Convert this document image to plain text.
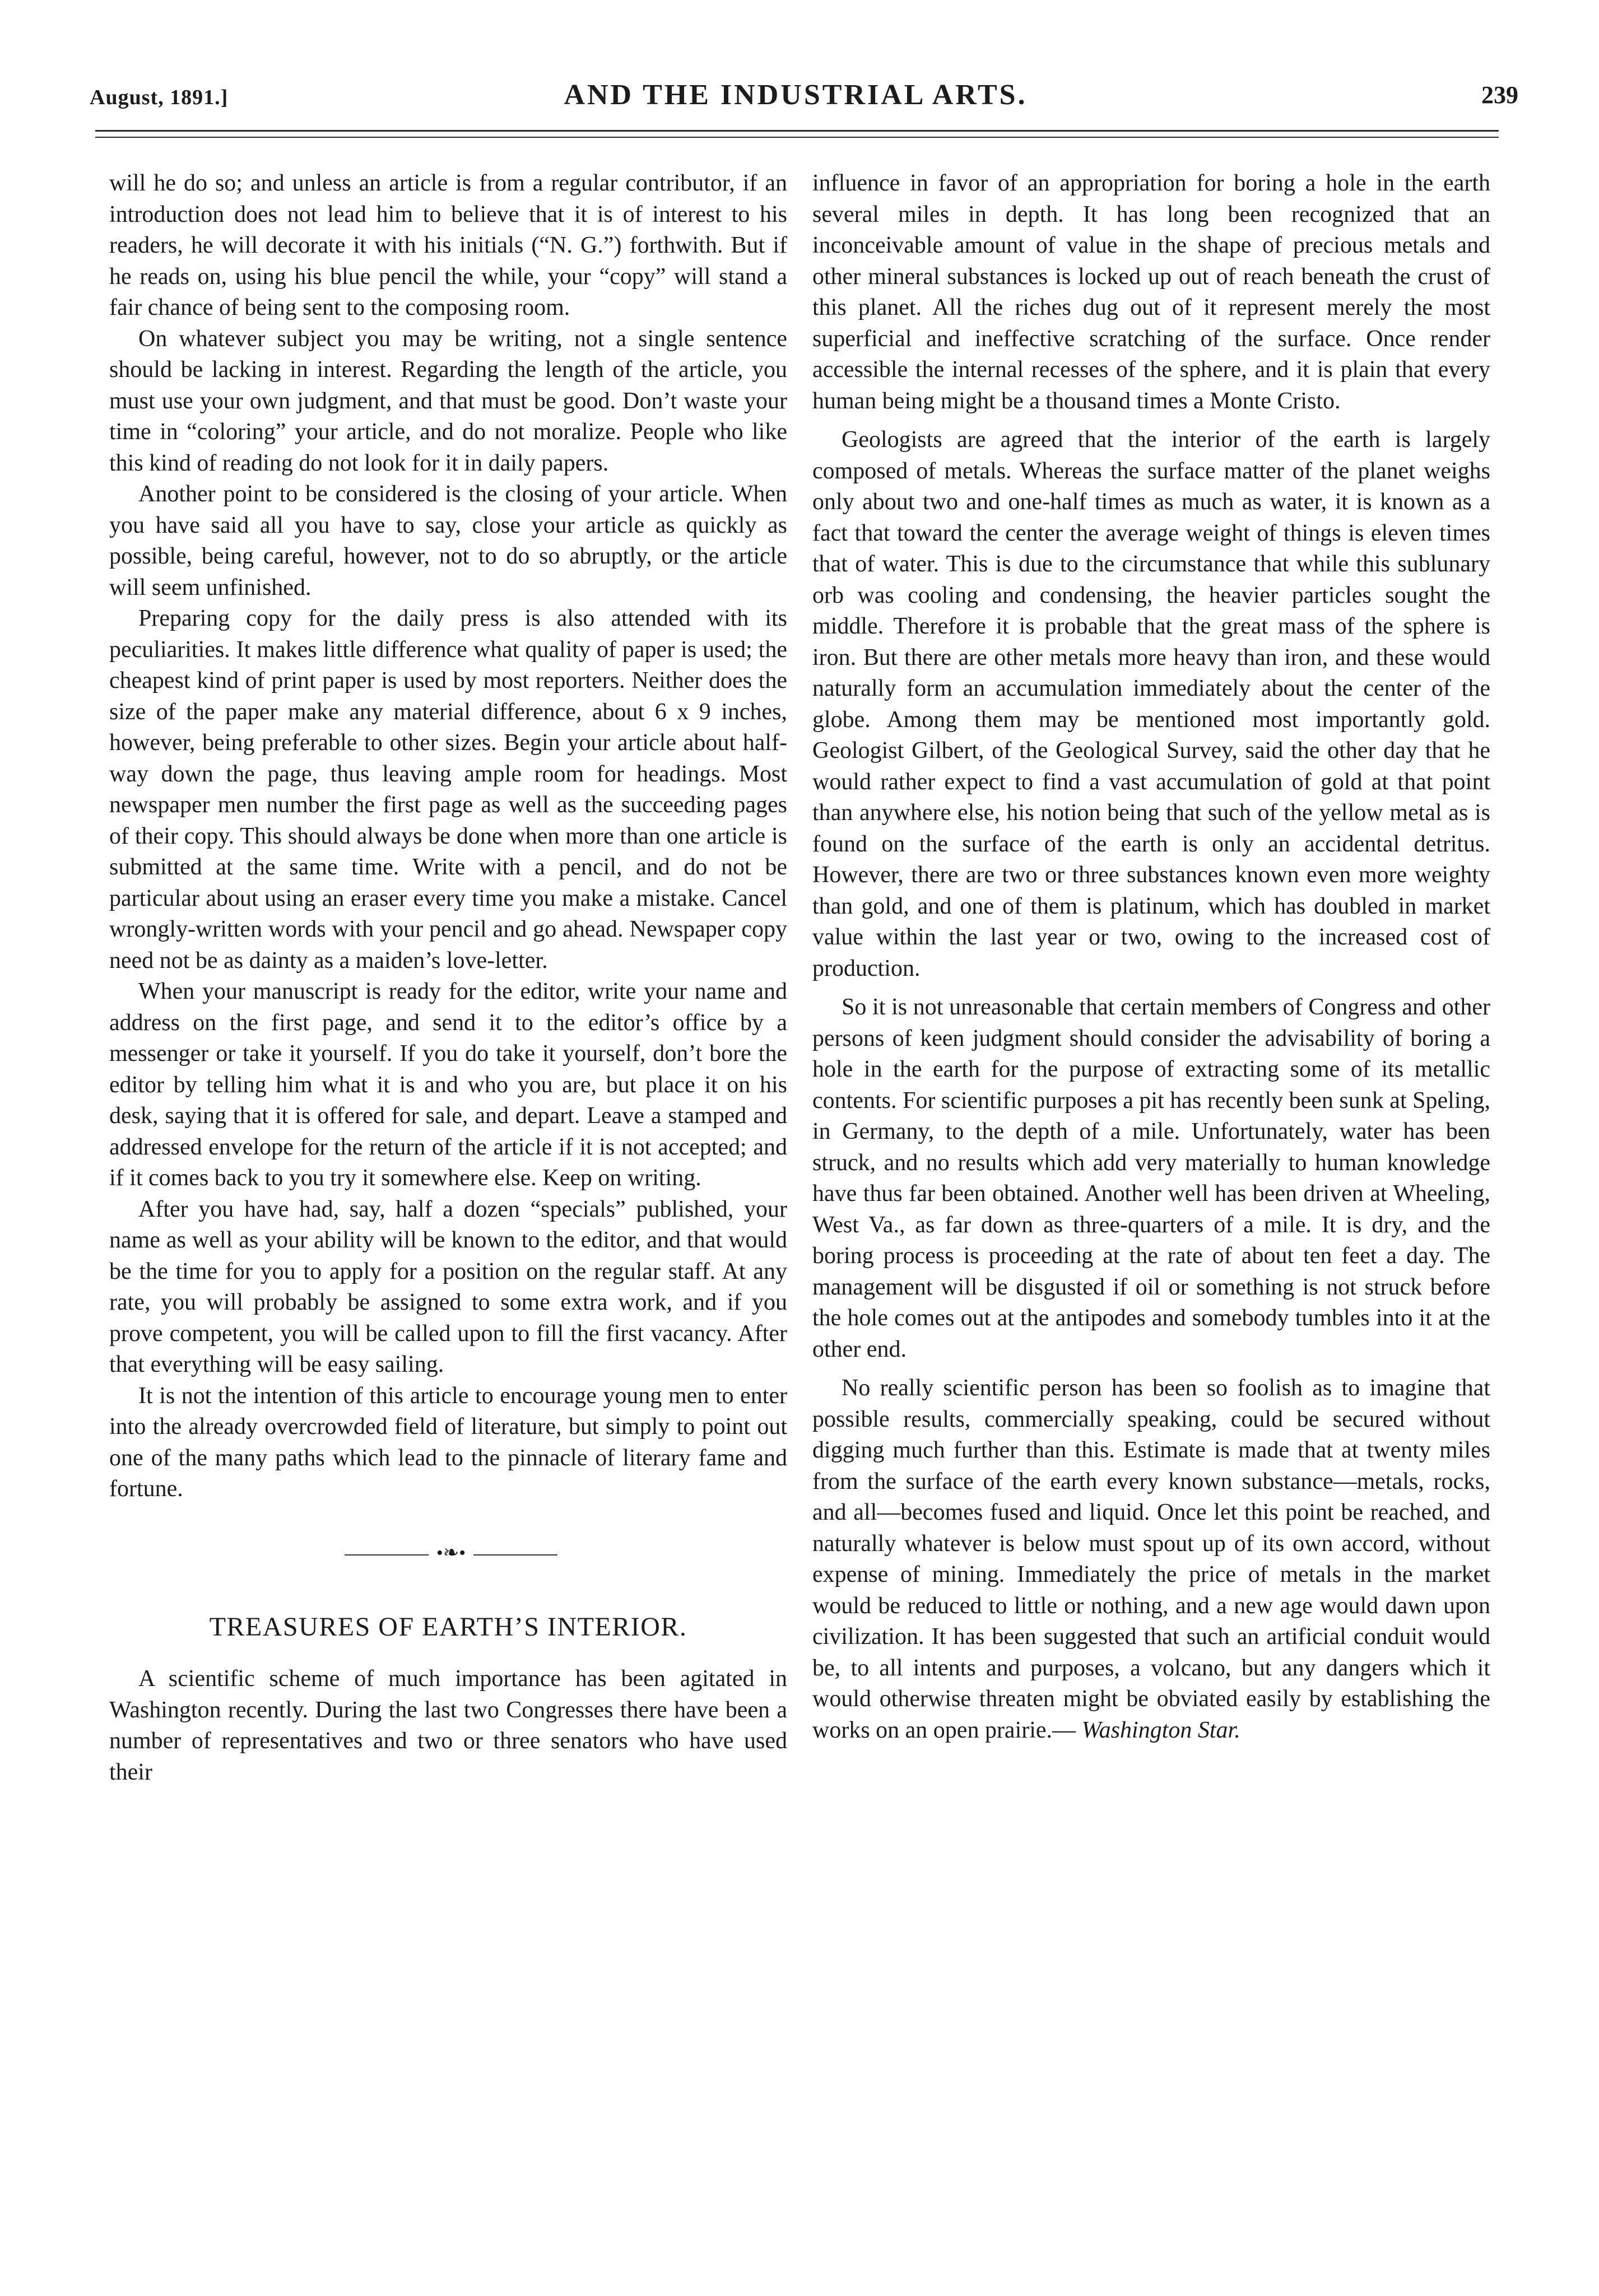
August, 1891.]	AND THE INDUSTRIAL ARTS.	239

will he do so; and unless an article is from a regular contributor, if an introduction does not lead him to believe that it is of interest to his readers, he will decorate it with his initials (“N. G.”) forthwith. But if he reads on, using his blue pencil the while, your “copy” will stand a fair chance of being sent to the composing room.

On whatever subject you may be writing, not a single sentence should be lacking in interest. Regarding the length of the article, you must use your own judgment, and that must be good. Don’t waste your time in “coloring” your article, and do not moralize. People who like this kind of reading do not look for it in daily papers.

Another point to be considered is the closing of your article. When you have said all you have to say, close your article as quickly as possible, being careful, however, not to do so abruptly, or the article will seem unfinished.

Preparing copy for the daily press is also attended with its peculiarities. It makes little difference what quality of paper is used; the cheapest kind of print paper is used by most reporters. Neither does the size of the paper make any material difference, about 6 x 9 inches, however, being preferable to other sizes. Begin your article about half-way down the page, thus leaving ample room for headings. Most newspaper men number the first page as well as the succeeding pages of their copy. This should always be done when more than one article is submitted at the same time. Write with a pencil, and do not be particular about using an eraser every time you make a mistake. Cancel wrongly-written words with your pencil and go ahead. Newspaper copy need not be as dainty as a maiden’s love-letter.

When your manuscript is ready for the editor, write your name and address on the first page, and send it to the editor’s office by a messenger or take it yourself. If you do take it yourself, don’t bore the editor by telling him what it is and who you are, but place it on his desk, saying that it is offered for sale, and depart. Leave a stamped and addressed envelope for the return of the article if it is not accepted; and if it comes back to you try it somewhere else. Keep on writing.

After you have had, say, half a dozen “specials” published, your name as well as your ability will be known to the editor, and that would be the time for you to apply for a position on the regular staff. At any rate, you will probably be assigned to some extra work, and if you prove competent, you will be called upon to fill the first vacancy. After that everything will be easy sailing.

It is not the intention of this article to encourage young men to enter into the already overcrowded field of literature, but simply to point out one of the many paths which lead to the pinnacle of literary fame and fortune.

•❧•
TREASURES OF EARTH’S INTERIOR.

A scientific scheme of much importance has been agitated in Washington recently. During the last two Congresses there have been a number of representatives and two or three senators who have used their

influence in favor of an appropriation for boring a hole in the earth several miles in depth. It has long been recognized that an inconceivable amount of value in the shape of precious metals and other mineral substances is locked up out of reach beneath the crust of this planet. All the riches dug out of it represent merely the most superficial and ineffective scratching of the surface. Once render accessible the internal recesses of the sphere, and it is plain that every human being might be a thousand times a Monte Cristo.

Geologists are agreed that the interior of the earth is largely composed of metals. Whereas the surface matter of the planet weighs only about two and one-half times as much as water, it is known as a fact that toward the center the average weight of things is eleven times that of water. This is due to the circumstance that while this sublunary orb was cooling and condensing, the heavier particles sought the middle. Therefore it is probable that the great mass of the sphere is iron. But there are other metals more heavy than iron, and these would naturally form an accumulation immediately about the center of the globe. Among them may be mentioned most importantly gold. Geologist Gilbert, of the Geological Survey, said the other day that he would rather expect to find a vast accumulation of gold at that point than anywhere else, his notion being that such of the yellow metal as is found on the surface of the earth is only an accidental detritus. However, there are two or three substances known even more weighty than gold, and one of them is platinum, which has doubled in market value within the last year or two, owing to the increased cost of production.

So it is not unreasonable that certain members of Congress and other persons of keen judgment should consider the advisability of boring a hole in the earth for the purpose of extracting some of its metallic contents. For scientific purposes a pit has recently been sunk at Speling, in Germany, to the depth of a mile. Unfortunately, water has been struck, and no results which add very materially to human knowledge have thus far been obtained. Another well has been driven at Wheeling, West Va., as far down as three-quarters of a mile. It is dry, and the boring process is proceeding at the rate of about ten feet a day. The management will be disgusted if oil or something is not struck before the hole comes out at the antipodes and somebody tumbles into it at the other end.

No really scientific person has been so foolish as to imagine that possible results, commercially speaking, could be secured without digging much further than this. Estimate is made that at twenty miles from the surface of the earth every known substance—metals, rocks, and all—becomes fused and liquid. Once let this point be reached, and naturally whatever is below must spout up of its own accord, without expense of mining. Immediately the price of metals in the market would be reduced to little or nothing, and a new age would dawn upon civilization. It has been suggested that such an artificial conduit would be, to all intents and purposes, a volcano, but any dangers which it would otherwise threaten might be obviated easily by establishing the works on an open prairie.— Washington Star.
